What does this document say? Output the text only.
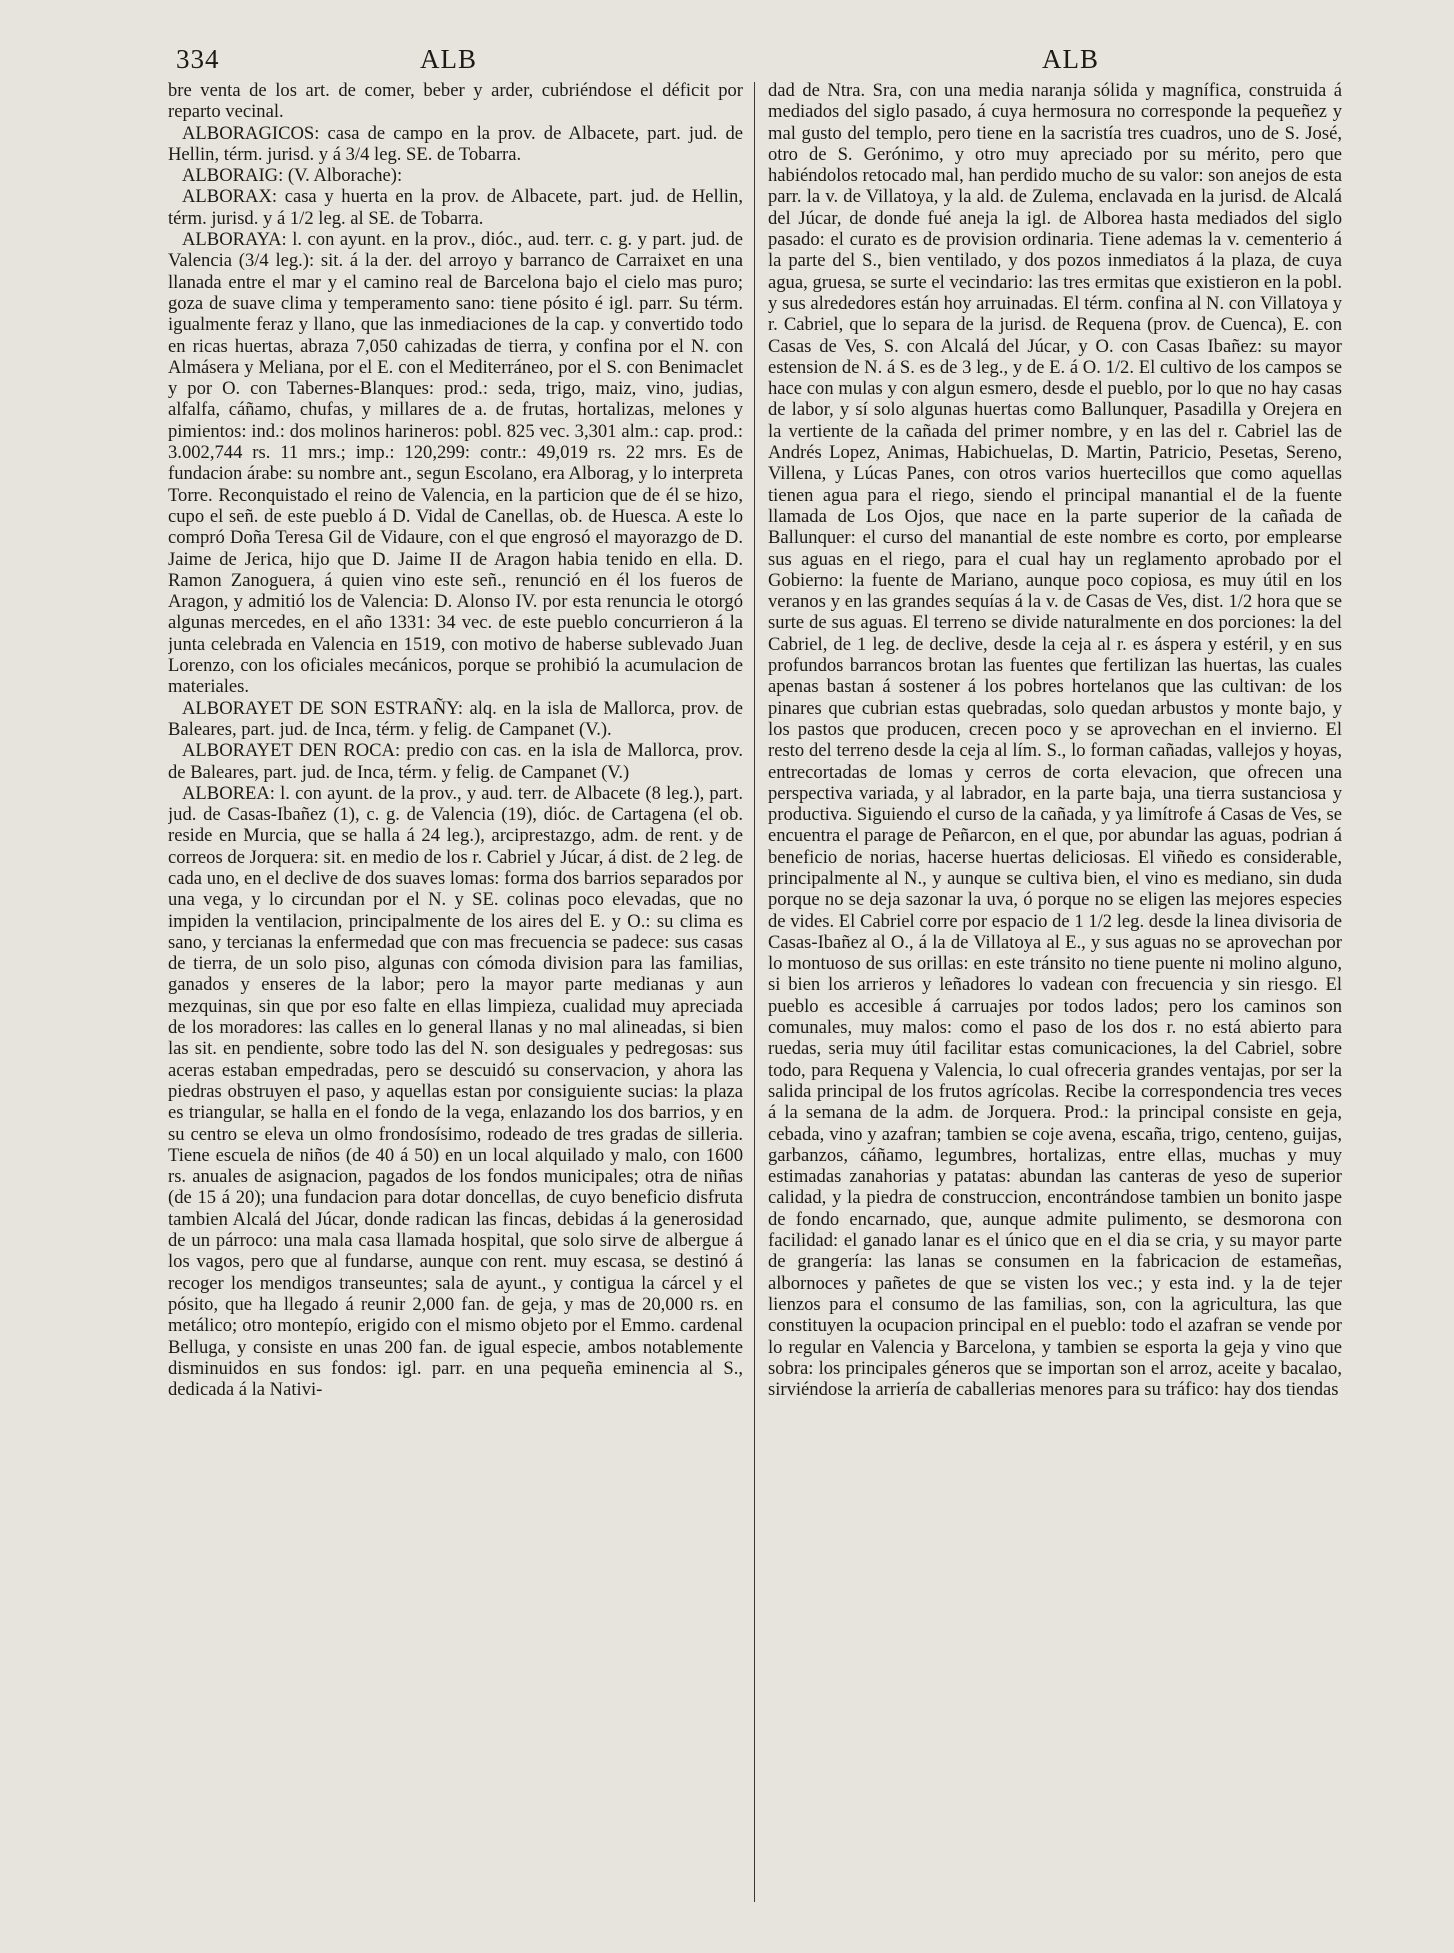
334	ALB	ALB

bre venta de los art. de comer, beber y arder, cubriéndose el déficit por reparto vecinal.

ALBORAGICOS: casa de campo en la prov. de Albacete, part. jud. de Hellin, térm. jurisd. y á 3/4 leg. SE. de Tobarra.

ALBORAIG: (V. Alborache):

ALBORAX: casa y huerta en la prov. de Albacete, part. jud. de Hellin, térm. jurisd. y á 1/2 leg. al SE. de Tobarra.

ALBORAYA: l. con ayunt. en la prov., dióc., aud. terr. c. g. y part. jud. de Valencia (3/4 leg.): sit. á la der. del arroyo y barranco de Carraixet en una llanada entre el mar y el camino real de Barcelona bajo el cielo mas puro; goza de suave clima y temperamento sano: tiene pósito é igl. parr. Su térm. igualmente feraz y llano, que las inmediaciones de la cap. y convertido todo en ricas huertas, abraza 7,050 cahizadas de tierra, y confina por el N. con Almásera y Meliana, por el E. con el Mediterráneo, por el S. con Benimaclet y por O. con Tabernes-Blanques: prod.: seda, trigo, maiz, vino, judias, alfalfa, cáñamo, chufas, y millares de a. de frutas, hortalizas, melones y pimientos: ind.: dos molinos harineros: pobl. 825 vec. 3,301 alm.: cap. prod.: 3.002,744 rs. 11 mrs.; imp.: 120,299: contr.: 49,019 rs. 22 mrs. Es de fundacion árabe: su nombre ant., segun Escolano, era Alborag, y lo interpreta Torre. Reconquistado el reino de Valencia, en la particion que de él se hizo, cupo el señ. de este pueblo á D. Vidal de Canellas, ob. de Huesca. A este lo compró Doña Teresa Gil de Vidaure, con el que engrosó el mayorazgo de D. Jaime de Jerica, hijo que D. Jaime II de Aragon habia tenido en ella. D. Ramon Zanoguera, á quien vino este señ., renunció en él los fueros de Aragon, y admitió los de Valencia: D. Alonso IV. por esta renuncia le otorgó algunas mercedes, en el año 1331: 34 vec. de este pueblo concurrieron á la junta celebrada en Valencia en 1519, con motivo de haberse sublevado Juan Lorenzo, con los oficiales mecánicos, porque se prohibió la acumulacion de materiales.

ALBORAYET DE SON ESTRAÑY: alq. en la isla de Mallorca, prov. de Baleares, part. jud. de Inca, térm. y felig. de Campanet (V.).

ALBORAYET DEN ROCA: predio con cas. en la isla de Mallorca, prov. de Baleares, part. jud. de Inca, térm. y felig. de Campanet (V.)

ALBOREA: l. con ayunt. de la prov., y aud. terr. de Albacete (8 leg.), part. jud. de Casas-Ibañez (1), c. g. de Valencia (19), dióc. de Cartagena (el ob. reside en Murcia, que se halla á 24 leg.), arciprestazgo, adm. de rent. y de correos de Jorquera: sit. en medio de los r. Cabriel y Júcar, á dist. de 2 leg. de cada uno, en el declive de dos suaves lomas: forma dos barrios separados por una vega, y lo circundan por el N. y SE. colinas poco elevadas, que no impiden la ventilacion, principalmente de los aires del E. y O.: su clima es sano, y tercianas la enfermedad que con mas frecuencia se padece: sus casas de tierra, de un solo piso, algunas con cómoda division para las familias, ganados y enseres de la labor; pero la mayor parte medianas y aun mezquinas, sin que por eso falte en ellas limpieza, cualidad muy apreciada de los moradores: las calles en lo general llanas y no mal alineadas, si bien las sit. en pendiente, sobre todo las del N. son desiguales y pedregosas: sus aceras estaban empedradas, pero se descuidó su conservacion, y ahora las piedras obstruyen el paso, y aquellas estan por consiguiente sucias: la plaza es triangular, se halla en el fondo de la vega, enlazando los dos barrios, y en su centro se eleva un olmo frondosísimo, rodeado de tres gradas de silleria. Tiene escuela de niños (de 40 á 50) en un local alquilado y malo, con 1600 rs. anuales de asignacion, pagados de los fondos municipales; otra de niñas (de 15 á 20); una fundacion para dotar doncellas, de cuyo beneficio disfruta tambien Alcalá del Júcar, donde radican las fincas, debidas á la generosidad de un párroco: una mala casa llamada hospital, que solo sirve de albergue á los vagos, pero que al fundarse, aunque con rent. muy escasa, se destinó á recoger los mendigos transeuntes; sala de ayunt., y contigua la cárcel y el pósito, que ha llegado á reunir 2,000 fan. de geja, y mas de 20,000 rs. en metálico; otro montepío, erigido con el mismo objeto por el Emmo. cardenal Belluga, y consiste en unas 200 fan. de igual especie, ambos notablemente disminuidos en sus fondos: igl. parr. en una pequeña eminencia al S., dedicada á la Nativi-

dad de Ntra. Sra, con una media naranja sólida y magnífica, construida á mediados del siglo pasado, á cuya hermosura no corresponde la pequeñez y mal gusto del templo, pero tiene en la sacristía tres cuadros, uno de S. José, otro de S. Gerónimo, y otro muy apreciado por su mérito, pero que habiéndolos retocado mal, han perdido mucho de su valor: son anejos de esta parr. la v. de Villatoya, y la ald. de Zulema, enclavada en la jurisd. de Alcalá del Júcar, de donde fué aneja la igl. de Alborea hasta mediados del siglo pasado: el curato es de provision ordinaria. Tiene ademas la v. cementerio á la parte del S., bien ventilado, y dos pozos inmediatos á la plaza, de cuya agua, gruesa, se surte el vecindario: las tres ermitas que existieron en la pobl. y sus alrededores están hoy arruinadas. El térm. confina al N. con Villatoya y r. Cabriel, que lo separa de la jurisd. de Requena (prov. de Cuenca), E. con Casas de Ves, S. con Alcalá del Júcar, y O. con Casas Ibañez: su mayor estension de N. á S. es de 3 leg., y de E. á O. 1/2. El cultivo de los campos se hace con mulas y con algun esmero, desde el pueblo, por lo que no hay casas de labor, y sí solo algunas huertas como Ballunquer, Pasadilla y Orejera en la vertiente de la cañada del primer nombre, y en las del r. Cabriel las de Andrés Lopez, Animas, Habichuelas, D. Martin, Patricio, Pesetas, Sereno, Villena, y Lúcas Panes, con otros varios huertecillos que como aquellas tienen agua para el riego, siendo el principal manantial el de la fuente llamada de Los Ojos, que nace en la parte superior de la cañada de Ballunquer: el curso del manantial de este nombre es corto, por emplearse sus aguas en el riego, para el cual hay un reglamento aprobado por el Gobierno: la fuente de Mariano, aunque poco copiosa, es muy útil en los veranos y en las grandes sequías á la v. de Casas de Ves, dist. 1/2 hora que se surte de sus aguas. El terreno se divide naturalmente en dos porciones: la del Cabriel, de 1 leg. de declive, desde la ceja al r. es áspera y estéril, y en sus profundos barrancos brotan las fuentes que fertilizan las huertas, las cuales apenas bastan á sostener á los pobres hortelanos que las cultivan: de los pinares que cubrian estas quebradas, solo quedan arbustos y monte bajo, y los pastos que producen, crecen poco y se aprovechan en el invierno. El resto del terreno desde la ceja al lím. S., lo forman cañadas, vallejos y hoyas, entrecortadas de lomas y cerros de corta elevacion, que ofrecen una perspectiva variada, y al labrador, en la parte baja, una tierra sustanciosa y productiva. Siguiendo el curso de la cañada, y ya limítrofe á Casas de Ves, se encuentra el parage de Peñarcon, en el que, por abundar las aguas, podrian á beneficio de norias, hacerse huertas deliciosas. El viñedo es considerable, principalmente al N., y aunque se cultiva bien, el vino es mediano, sin duda porque no se deja sazonar la uva, ó porque no se eligen las mejores especies de vides. El Cabriel corre por espacio de 1 1/2 leg. desde la linea divisoria de Casas-Ibañez al O., á la de Villatoya al E., y sus aguas no se aprovechan por lo montuoso de sus orillas: en este tránsito no tiene puente ni molino alguno, si bien los arrieros y leñadores lo vadean con frecuencia y sin riesgo. El pueblo es accesible á carruajes por todos lados; pero los caminos son comunales, muy malos: como el paso de los dos r. no está abierto para ruedas, seria muy útil facilitar estas comunicaciones, la del Cabriel, sobre todo, para Requena y Valencia, lo cual ofreceria grandes ventajas, por ser la salida principal de los frutos agrícolas. Recibe la correspondencia tres veces á la semana de la adm. de Jorquera. Prod.: la principal consiste en geja, cebada, vino y azafran; tambien se coje avena, escaña, trigo, centeno, guijas, garbanzos, cáñamo, legumbres, hortalizas, entre ellas, muchas y muy estimadas zanahorias y patatas: abundan las canteras de yeso de superior calidad, y la piedra de construccion, encontrándose tambien un bonito jaspe de fondo encarnado, que, aunque admite pulimento, se desmorona con facilidad: el ganado lanar es el único que en el dia se cria, y su mayor parte de grangería: las lanas se consumen en la fabricacion de estameñas, albornoces y pañetes de que se visten los vec.; y esta ind. y la de tejer lienzos para el consumo de las familias, son, con la agricultura, las que constituyen la ocupacion principal en el pueblo: todo el azafran se vende por lo regular en Valencia y Barcelona, y tambien se esporta la geja y vino que sobra: los principales géneros que se importan son el arroz, aceite y bacalao, sirviéndose la arriería de caballerias menores para su tráfico: hay dos tiendas
